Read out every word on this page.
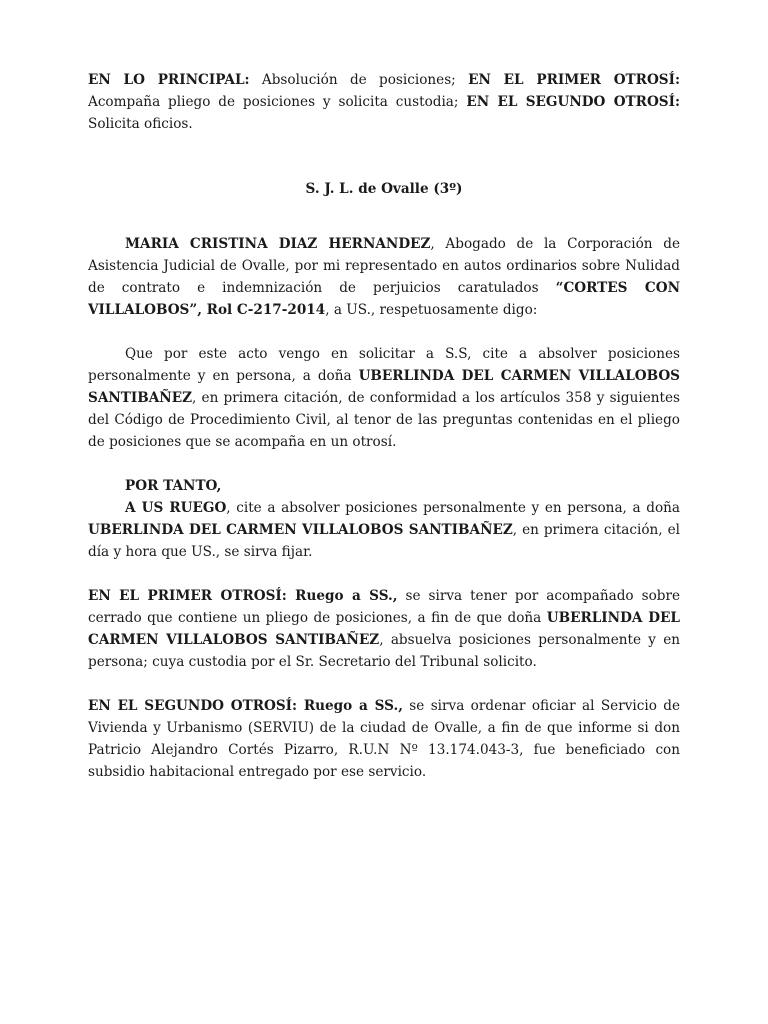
EN LO PRINCIPAL: Absolución de posiciones; EN EL PRIMER OTROSÍ: Acompaña pliego de posiciones y solicita custodia; EN EL SEGUNDO OTROSÍ: Solicita oficios.

S. J. L. de Ovalle (3º)

MARIA CRISTINA DIAZ HERNANDEZ, Abogado de la Corporación de Asistencia Judicial de Ovalle, por mi representado en autos ordinarios sobre Nulidad de contrato e indemnización de perjuicios caratulados “CORTES CON VILLALOBOS”, Rol C-217-2014, a US., respetuosamente digo:

Que por este acto vengo en solicitar a S.S, cite a absolver posiciones personalmente y en persona, a doña UBERLINDA DEL CARMEN VILLALOBOS SANTIBAÑEZ, en primera citación, de conformidad a los artículos 358 y siguientes del Código de Procedimiento Civil, al tenor de las preguntas contenidas en el pliego de posiciones que se acompaña en un otrosí.

POR TANTO,

A US RUEGO, cite a absolver posiciones personalmente y en persona, a doña UBERLINDA DEL CARMEN VILLALOBOS SANTIBAÑEZ, en primera citación, el día y hora que US., se sirva fijar.

EN EL PRIMER OTROSÍ: Ruego a SS., se sirva tener por acompañado sobre cerrado que contiene un pliego de posiciones, a fin de que doña UBERLINDA DEL CARMEN VILLALOBOS SANTIBAÑEZ, absuelva posiciones personalmente y en persona; cuya custodia por el Sr. Secretario del Tribunal solicito.

EN EL SEGUNDO OTROSÍ: Ruego a SS., se sirva ordenar oficiar al Servicio de Vivienda y Urbanismo (SERVIU) de la ciudad de Ovalle, a fin de que informe si don Patricio Alejandro Cortés Pizarro, R.U.N Nº 13.174.043-3, fue beneficiado con subsidio habitacional entregado por ese servicio.
